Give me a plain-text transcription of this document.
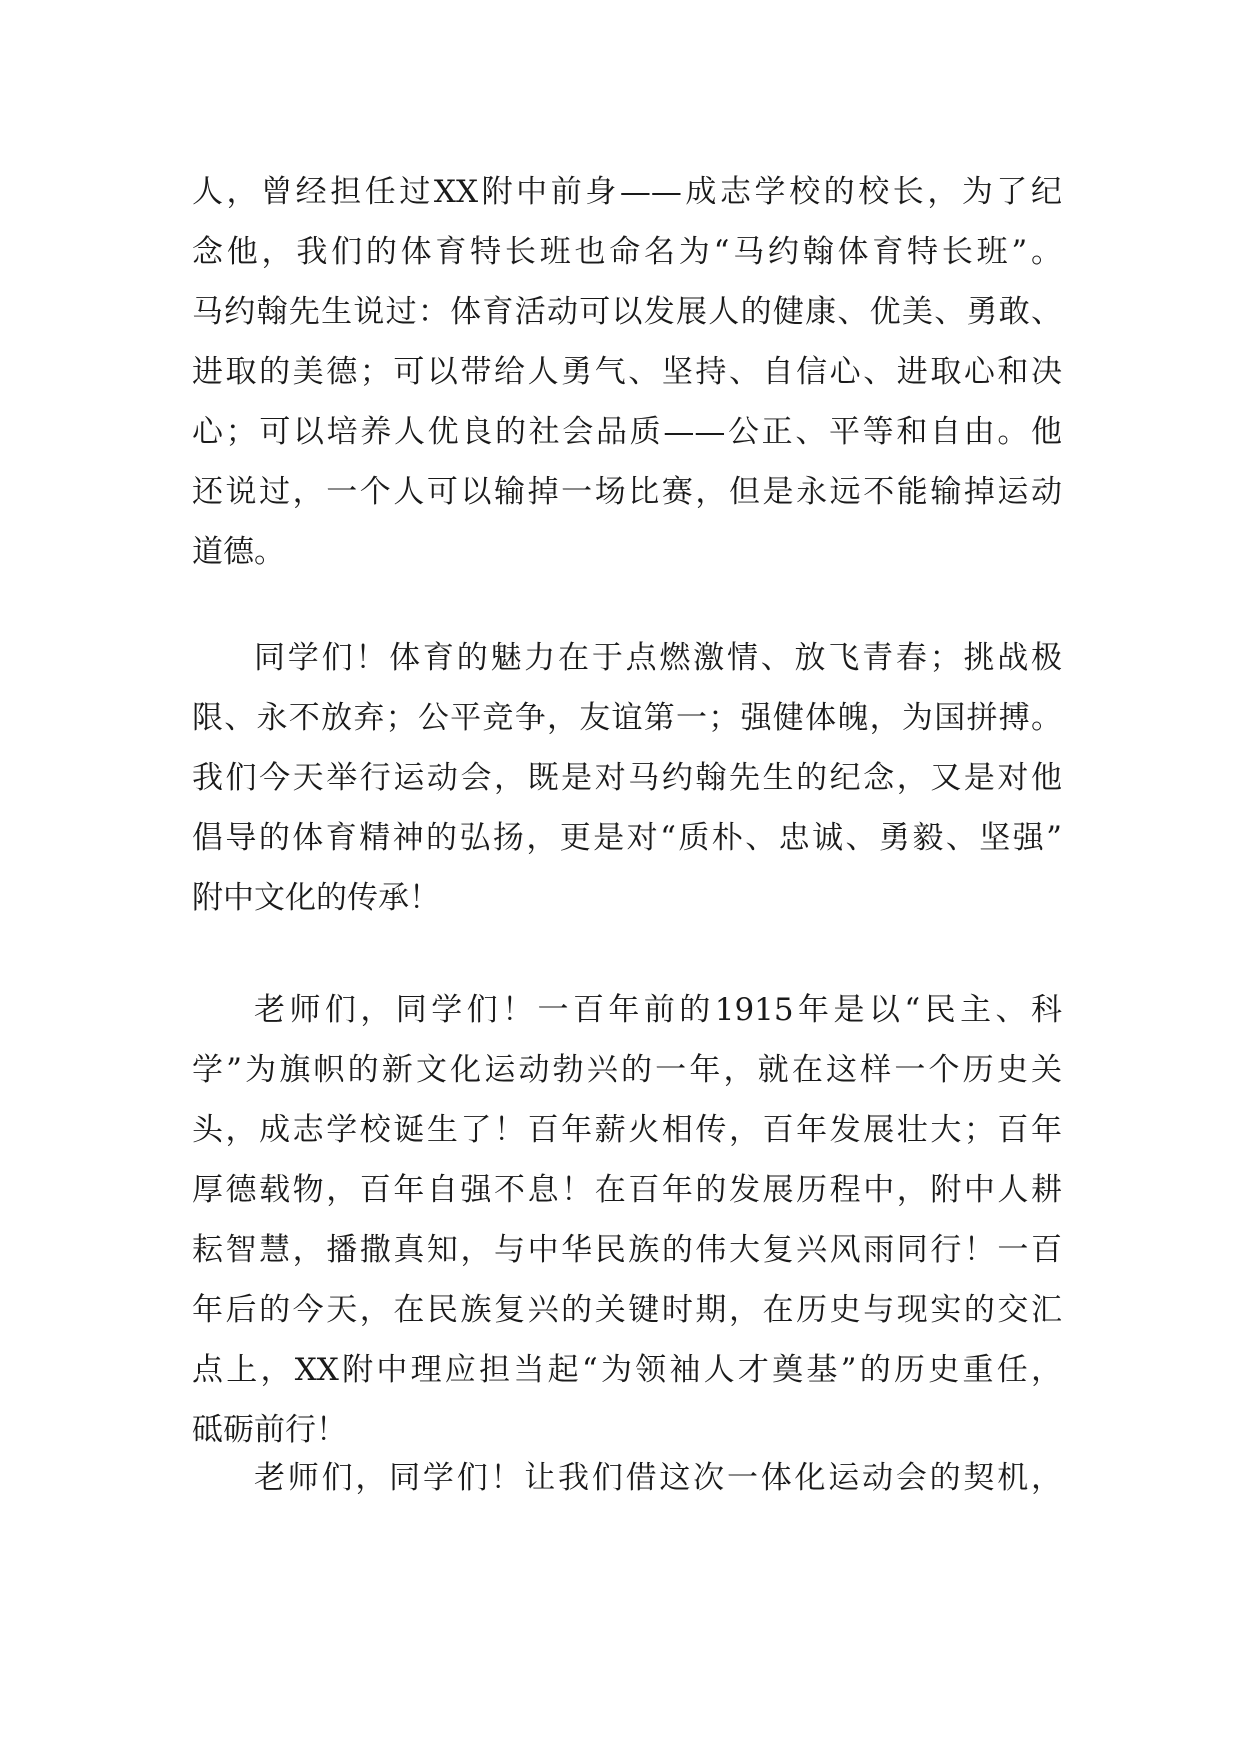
人，曾经担任过XX附中前身——成志学校的校长，为了纪
念他，我们的体育特长班也命名为“马约翰体育特长班”。
马约翰先生说过：体育活动可以发展人的健康、优美、勇敢、
进取的美德；可以带给人勇气、坚持、自信心、进取心和决
心；可以培养人优良的社会品质——公正、平等和自由。他
还说过，一个人可以输掉一场比赛，但是永远不能输掉运动
道德。
同学们！体育的魅力在于点燃激情、放飞青春；挑战极
限、永不放弃；公平竞争，友谊第一；强健体魄，为国拼搏。
我们今天举行运动会，既是对马约翰先生的纪念，又是对他
倡导的体育精神的弘扬，更是对“质朴、忠诚、勇毅、坚强”
附中文化的传承！
老师们，同学们！一百年前的1915年是以“民主、科
学”为旗帜的新文化运动勃兴的一年，就在这样一个历史关
头，成志学校诞生了！百年薪火相传，百年发展壮大；百年
厚德载物，百年自强不息！在百年的发展历程中，附中人耕
耘智慧，播撒真知，与中华民族的伟大复兴风雨同行！一百
年后的今天，在民族复兴的关键时期，在历史与现实的交汇
点上，XX附中理应担当起“为领袖人才奠基”的历史重任，
砥砺前行！
老师们，同学们！让我们借这次一体化运动会的契机，
